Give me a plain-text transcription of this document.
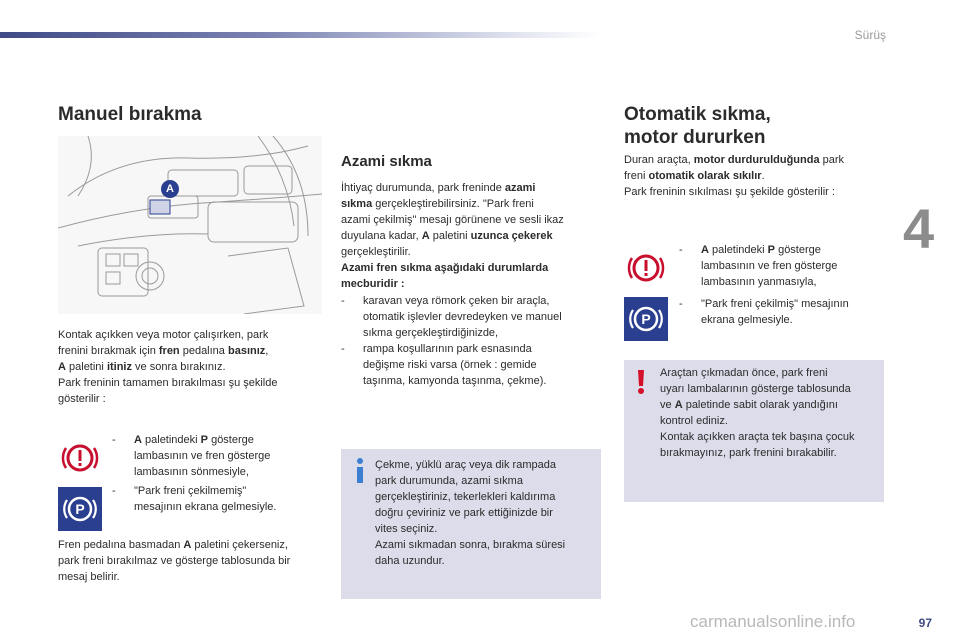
Sürüş
4
Manuel bırakma
A

Kontak açıkken veya motor çalışırken, park

frenini bırakmak için fren pedalına basınız,

A paletini itiniz ve sonra bırakınız.

Park freninin tamamen bırakılması şu şekilde

gösterilir :

P
-	A paletindeki P gösterge

lambasının ve fren gösterge

lambasının sönmesiyle,

-	"Park freni çekilmemiş"

mesajının ekrana gelmesiyle.

Fren pedalına basmadan A paletini çekerseniz,

park freni bırakılmaz ve gösterge tablosunda bir

mesaj belirir.

Azami sıkma

İhtiyaç durumunda, park freninde azami

sıkma gerçekleştirebilirsiniz. "Park freni

azami çekilmiş" mesajı görünene ve sesli ikaz

duyulana kadar, A paletini uzunca çekerek

gerçekleştirilir.

Azami fren sıkma aşağıdaki durumlarda

mecburidir :

-	karavan veya römork çeken bir araçla,

otomatik işlevler devredeyken ve manuel

sıkma gerçekleştirdiğinizde,

-	rampa koşullarının park esnasında

değişme riski varsa (örnek : gemide

taşınma, kamyonda taşınma, çekme).

Çekme, yüklü araç veya dik rampada

park durumunda, azami sıkma

gerçekleştiriniz, tekerlekleri kaldırıma

doğru çeviriniz ve park ettiğinizde bir

vites seçiniz.

Azami sıkmadan sonra, bırakma süresi

daha uzundur.

Otomatik sıkma,
motor dururken

Duran araçta, motor durdurulduğunda park

freni otomatik olarak sıkılır.

Park freninin sıkılması şu şekilde gösterilir :

P
-	A paletindeki P gösterge

lambasının ve fren gösterge

lambasının yanmasıyla,

-	"Park freni çekilmiş" mesajının

ekrana gelmesiyle.

Araçtan çıkmadan önce, park freni

uyarı lambalarının gösterge tablosunda

ve A paletinde sabit olarak yandığını

kontrol ediniz.

Kontak açıkken araçta tek başına çocuk

bırakmayınız, park frenini bırakabilir.

carmanualsonline.info	97
